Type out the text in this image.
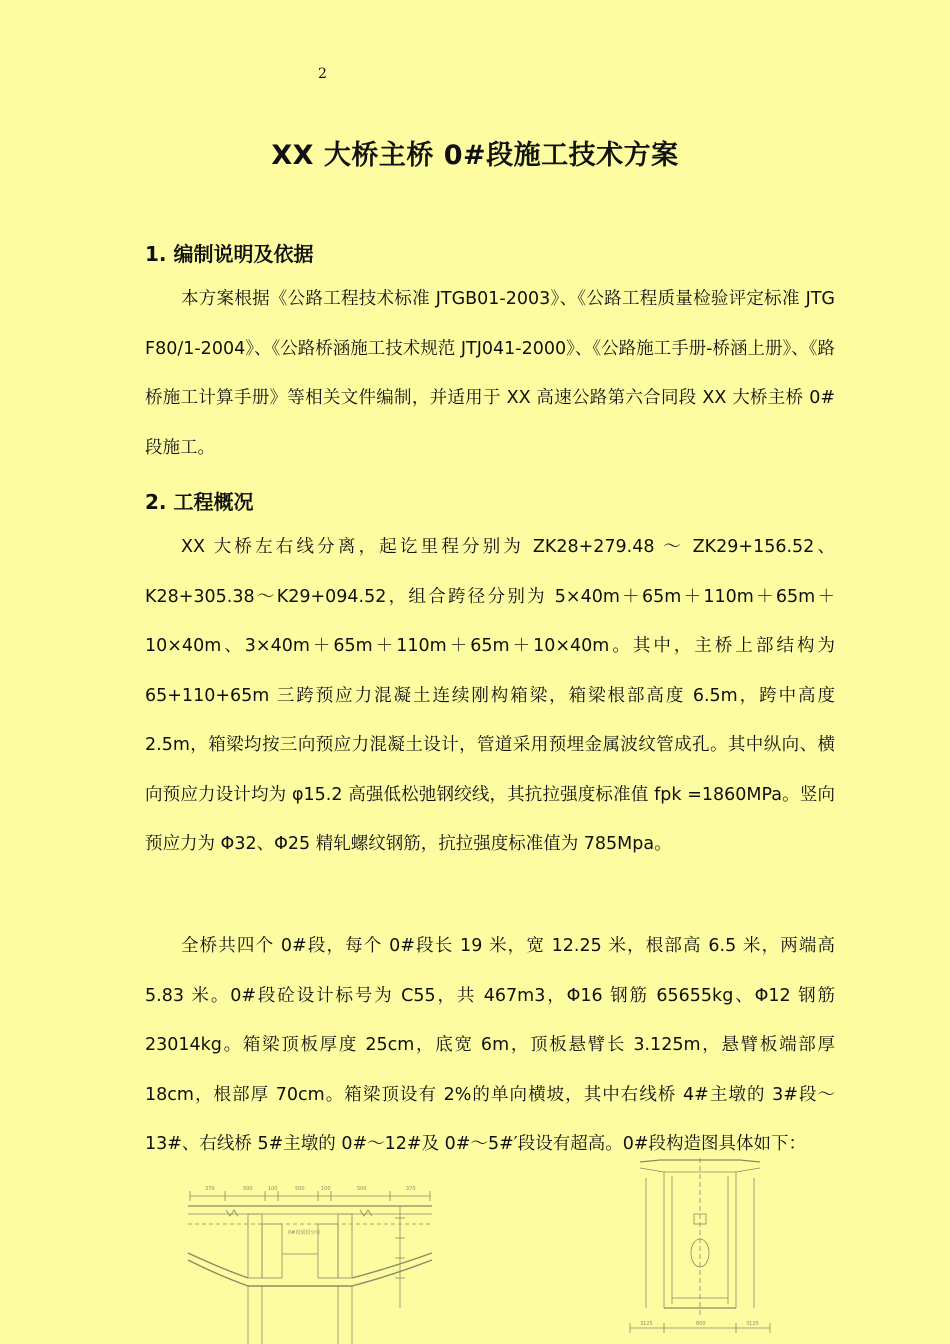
2
XX 大桥主桥 0#段施工技术方案
1. 编制说明及依据

本方案根据《公路工程技术标准 JTGB01-2003》、《公路工程质量检验评定标准 JTG F80/1-2004》、《公路桥涵施工技术规范 JTJ041-2000》、《公路施工手册-桥涵上册》、《路桥施工计算手册》等相关文件编制，并适用于 XX 高速公路第六合同段 XX 大桥主桥 0#段施工。

2. 工程概况

XX 大桥左右线分离，起讫里程分别为 ZK28+279.48 ～ ZK29+156.52、K28+305.38～K29+094.52，组合跨径分别为 5×40m＋65m＋110m＋65m＋10×40m、3×40m＋65m＋110m＋65m＋10×40m。其中，主桥上部结构为 65+110+65m 三跨预应力混凝土连续刚构箱梁，箱梁根部高度 6.5m，跨中高度 2.5m，箱梁均按三向预应力混凝土设计，管道采用预埋金属波纹管成孔。其中纵向、横向预应力设计均为 φ15.2 高强低松弛钢绞线，其抗拉强度标准值 fpk =1860MPa。竖向预应力为 Φ32、Φ25 精轧螺纹钢筋，抗拉强度标准值为 785Mpa。

全桥共四个 0#段，每个 0#段长 19 米，宽 12.25 米，根部高 6.5 米，两端高 5.83 米。0#段砼设计标号为 C55，共 467m3，Φ16 钢筋 65655kg、Φ12 钢筋 23014kg。箱梁顶板厚度 25cm，底宽 6m，顶板悬臂长 3.125m，悬臂板端部厚 18cm，根部厚 70cm。箱梁顶设有 2%的单向横坡，其中右线桥 4#主墩的 3#段～13#、右线桥 5#主墩的 0#～12#及 0#～5#′段设有超高。0#段构造图具体如下：

370	500	100	500	100	500	370
0#段梁段分块
3125	600	3125
